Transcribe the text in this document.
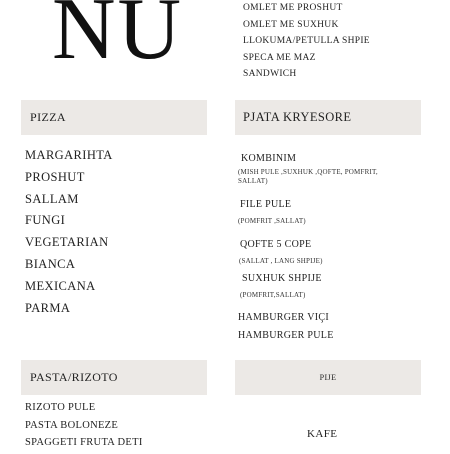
NU	OMLET ME PROSHUT
OMLET ME SUXHUK
LLOKUMA/PETULLA SHPIE
SPECA ME MAZ
SANDWICH
PIZZA	PJATA KRYESORE
MARGARIHTA
PROSHUT
SALLAM
FUNGI
VEGETARIAN
BIANCA
MEXICANA
PARMA
KOMBINIM
(MISH PULE ,SUXHUK ,QOFTE, POMFRIT, SALLAT)
FILE PULE
(POMFRIT ,SALLAT)
QOFTE 5 COPE
(SALLAT , LANG SHPIJE)
SUXHUK SHPIJE
(POMFRIT,SALLAT)
HAMBURGER VIÇI
HAMBURGER PULE
PASTA/RIZOTO	PIJE
RIZOTO PULE
PASTA BOLONEZE
SPAGGETI FRUTA DETI
KAFE
